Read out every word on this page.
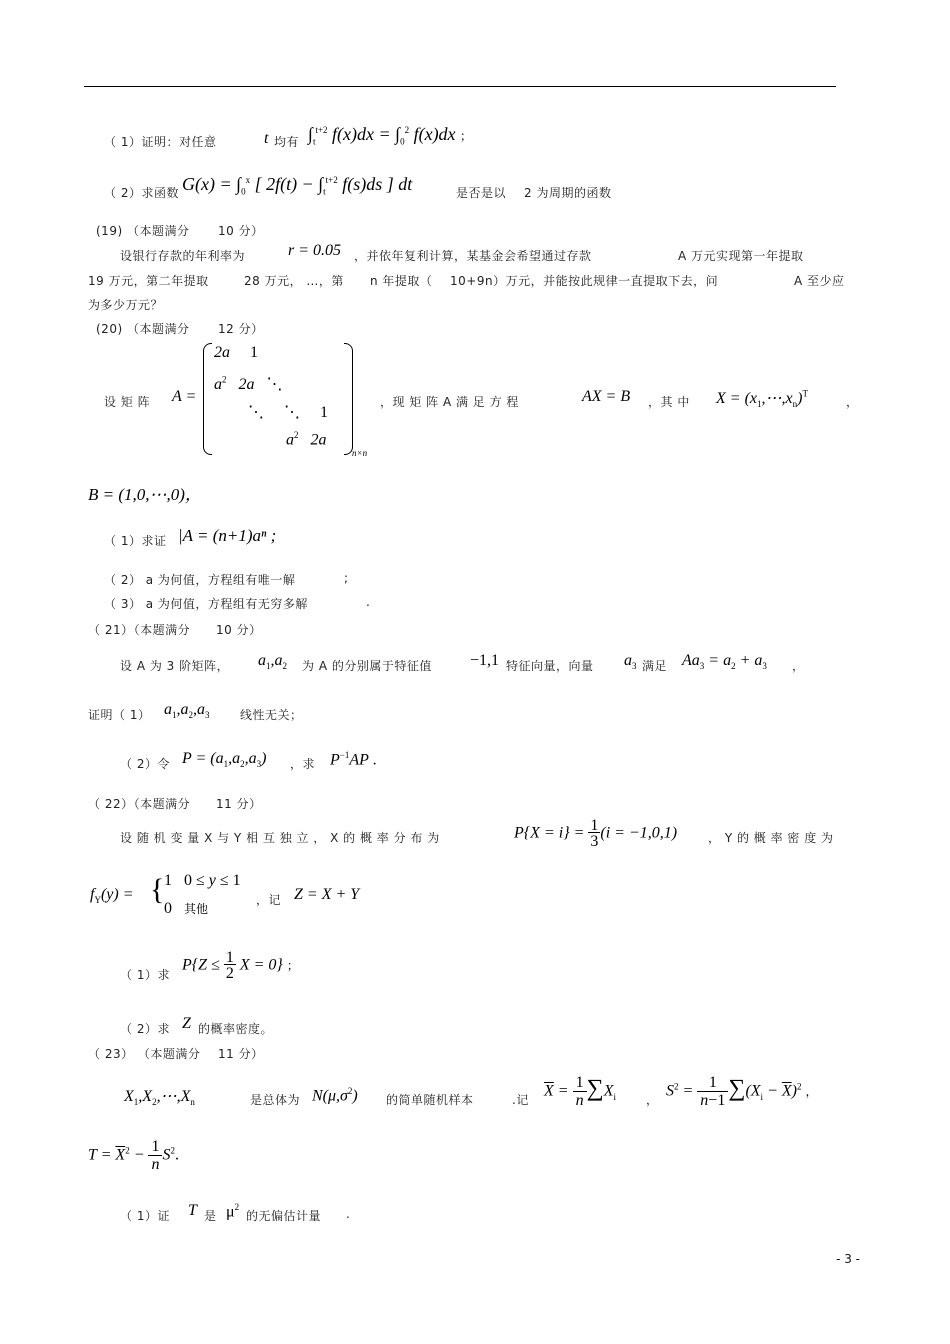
（ 1）证明：对任意	t 均有 $\int_t^{t+2}$ $f(x)dx = \int_0^2$ f(x)dx ；
（ 2）求函数 $G(x) = \int_0^x$ [ $2f(t) - \int_t^{t+2}$ f(s)ds ] dt	是否是以 2 为周期的函数
(19) （本题满分 10 分）
设银行存款的年利率为	r = 0.05 ，并依年复利计算，某基金会希望通过存款	A 万元实现第一年提取
19 万元，第二年提取	28 万元， …，第 n 年提取（ 10+9n）万元，并能按此规律一直提取下去，问	A 至少应
为多少万元？
(20) （本题满分 12 分）
设 矩 阵 A =
2a     1
$a^2$ 2a   ⋱
⋱     ⋱     1
$a^2$ 2a
n×n
，现 矩 阵 A 满 足 方 程	AX = B ，其 中 $X = (x_1,\cdots,x_n)^T$
，
B = (1,0,⋯,0)，
（ 1）求证 |A = (n+1)aⁿ ;
（ 2） a 为何值，方程组有唯一解	;
（ 3） a 为何值，方程组有无穷多解	.
（ 21）（本题满分 10 分）
设 A 为 3 阶矩阵， $a_1,a_2$ 为 A 的分别属于特征值 −1,1 特征向量，向量 $a_3$ 满足 $Aa_3 = a_2 + a_3$ ，
证明（ 1） $a_1,a_2,a_3$	线性无关；
（ 2）令 $P = (a_1,a_2,a_3)$ ，求 $P^{-1}AP$ .
（ 22）（本题满分 11 分）
设 随 机 变 量 X 与 Y 相 互 独 立 ， X 的 概 率 分 布 为	P{X = i} = 1
3 (i = −1,0,1)	， Y 的 概 率 密 度 为
$f_Y(y)$ = { 1   0 ≤ y ≤ 1
0   其他
，记 Z = X + Y
（ 1）求
P{Z ≤ 1
2 X = 0} ；
（ 2）求 Z 的概率密度。
（ 23） （本题满分 11 分）
$X_1,X_2,\cdots,X_n$	是总体为 $N(\mu,\sigma^2)$ 的简单随机样本	.记
$\overline{X} = 1$
n $\sum X_i$	，
$S^2 = 1$
n−1 $\sum(X_i - \overline{X})^2$ ，
$T = \overline{X}^2 - 1$
$nS^2$.
（ 1）证 T 是 $\mu^2$
的无偏估计量 .
- 3 -
